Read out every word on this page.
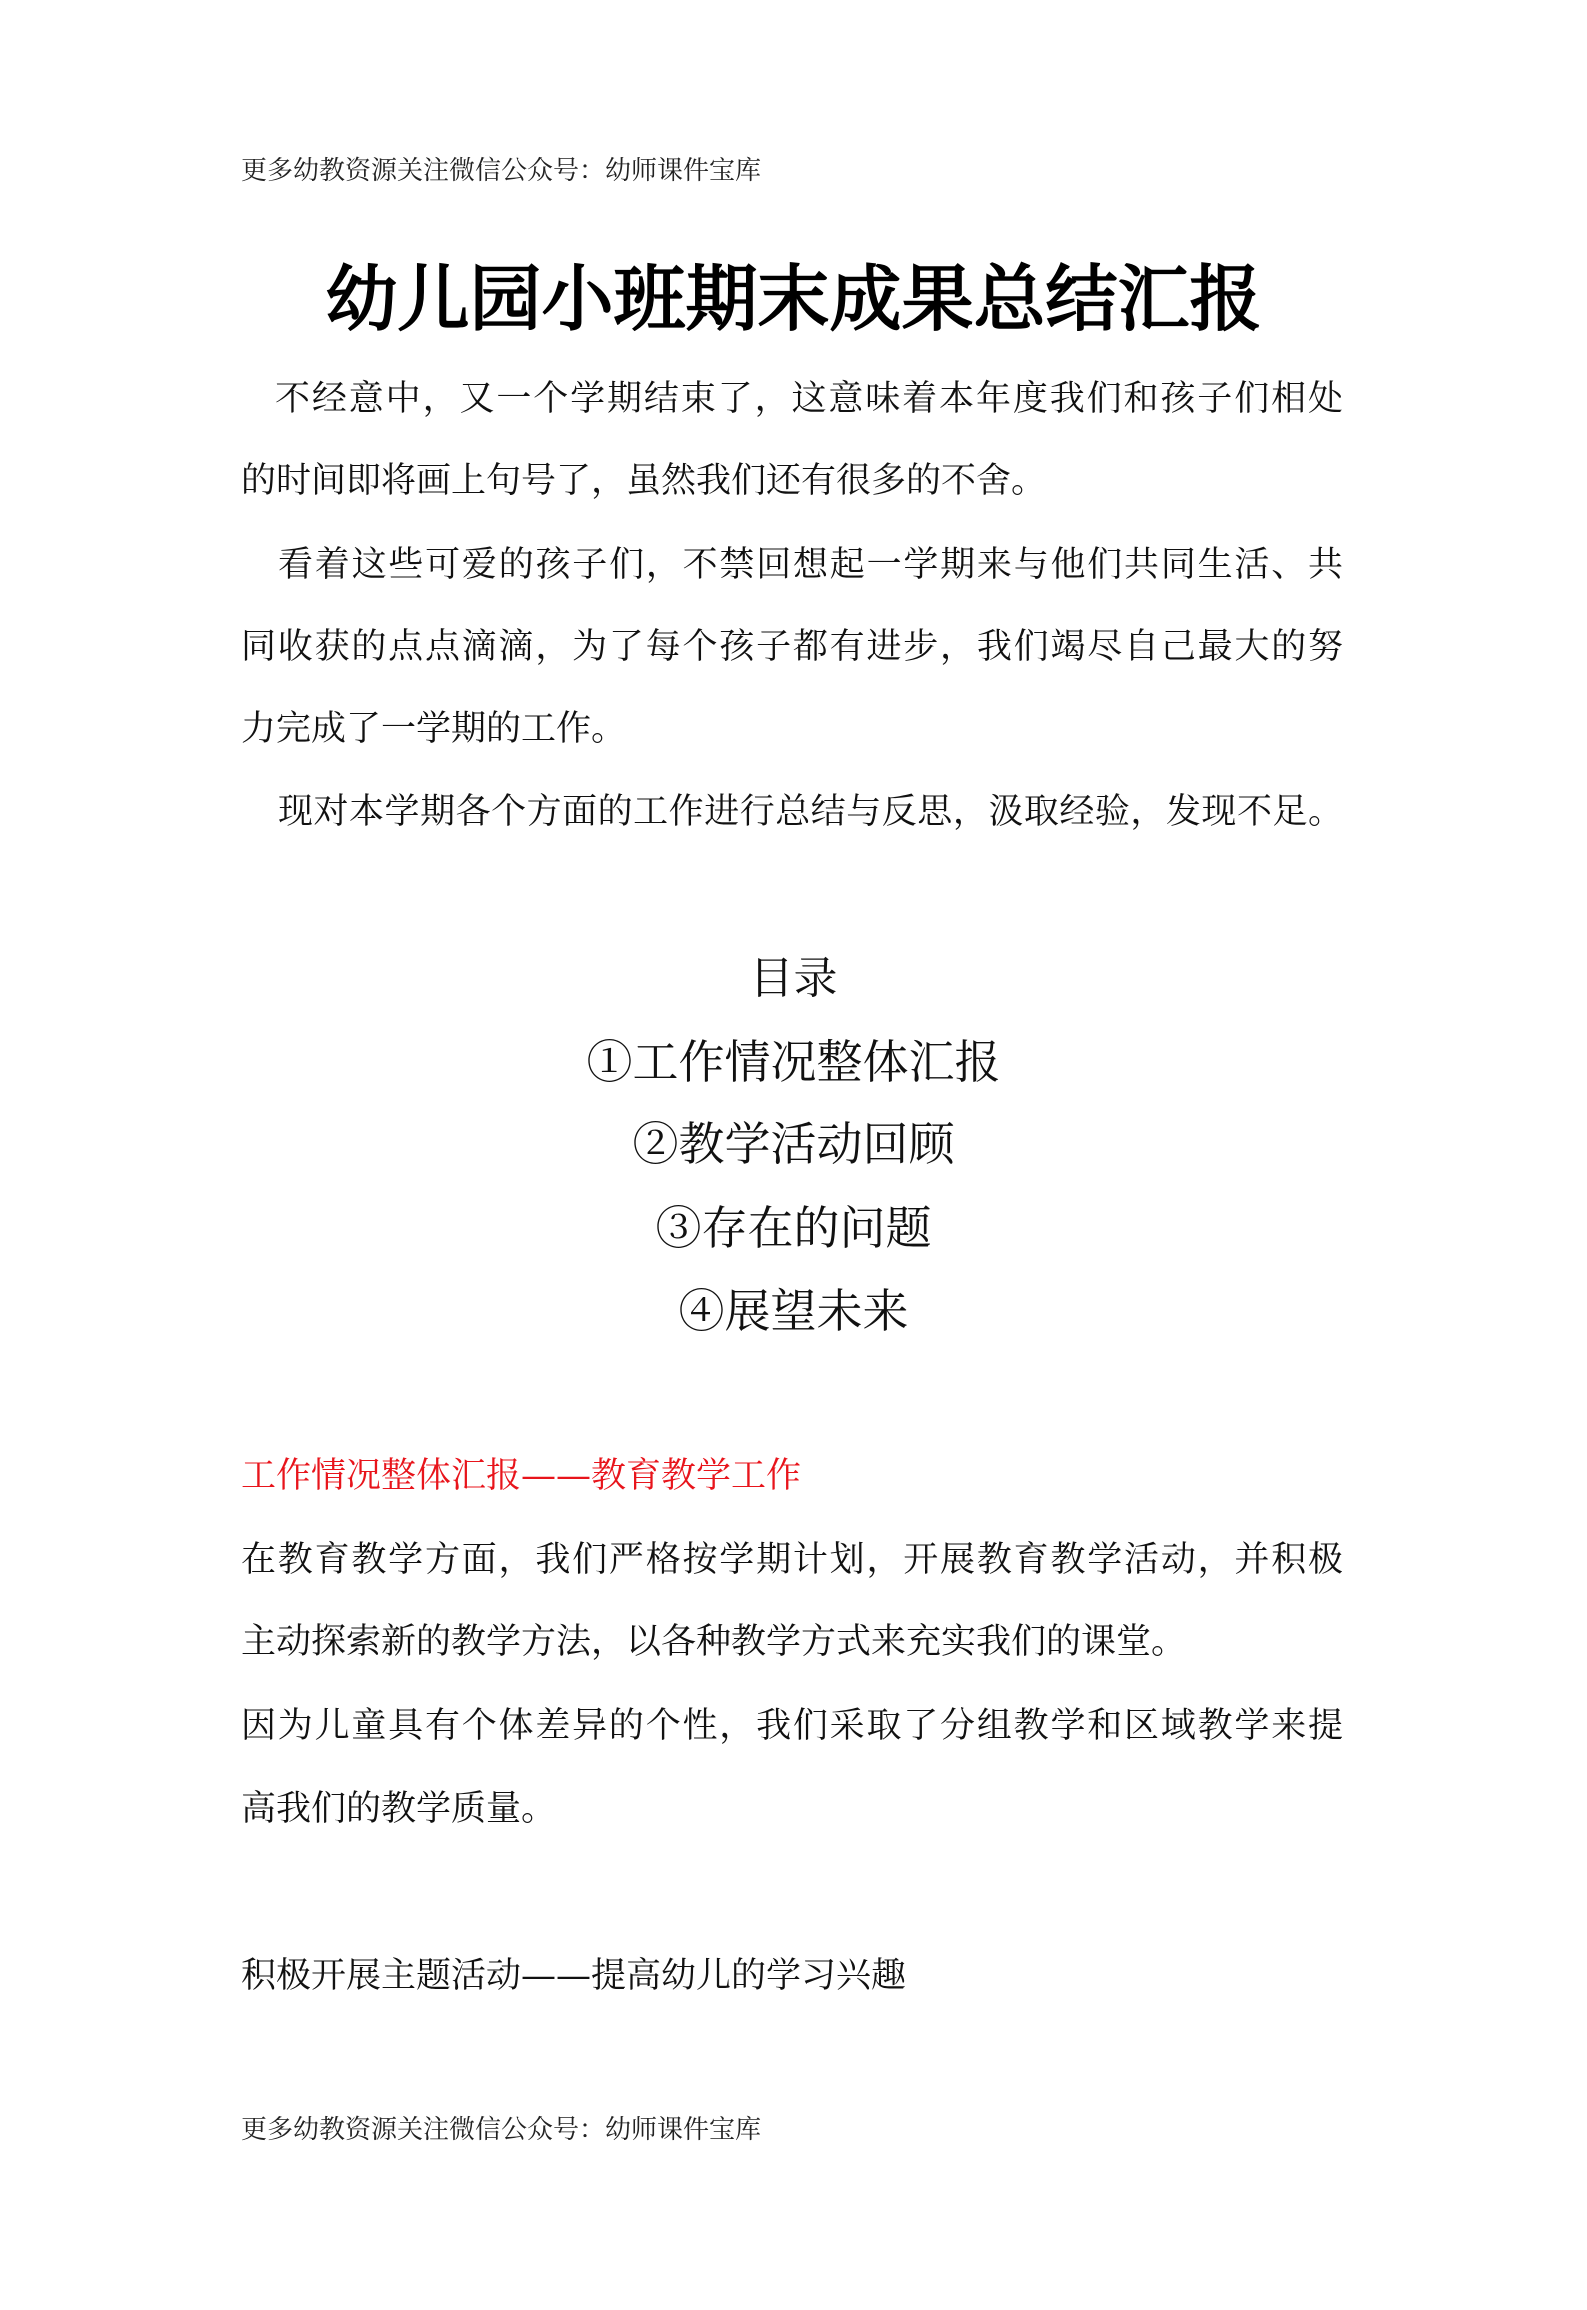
更多幼教资源关注微信公众号：幼师课件宝库
幼儿园小班期末成果总结汇报
不经意中，又一个学期结束了，这意味着本年度我们和孩子们相处
的时间即将画上句号了，虽然我们还有很多的不舍。
看着这些可爱的孩子们，不禁回想起一学期来与他们共同生活、共
同收获的点点滴滴，为了每个孩子都有进步，我们竭尽自己最大的努
力完成了一学期的工作。
现对本学期各个方面的工作进行总结与反思，汲取经验，发现不足。
目录
①工作情况整体汇报
②教学活动回顾
③存在的问题
④展望未来
工作情况整体汇报——教育教学工作
在教育教学方面，我们严格按学期计划，开展教育教学活动，并积极
主动探索新的教学方法，以各种教学方式来充实我们的课堂。
因为儿童具有个体差异的个性，我们采取了分组教学和区域教学来提
高我们的教学质量。
积极开展主题活动——提高幼儿的学习兴趣
更多幼教资源关注微信公众号：幼师课件宝库
